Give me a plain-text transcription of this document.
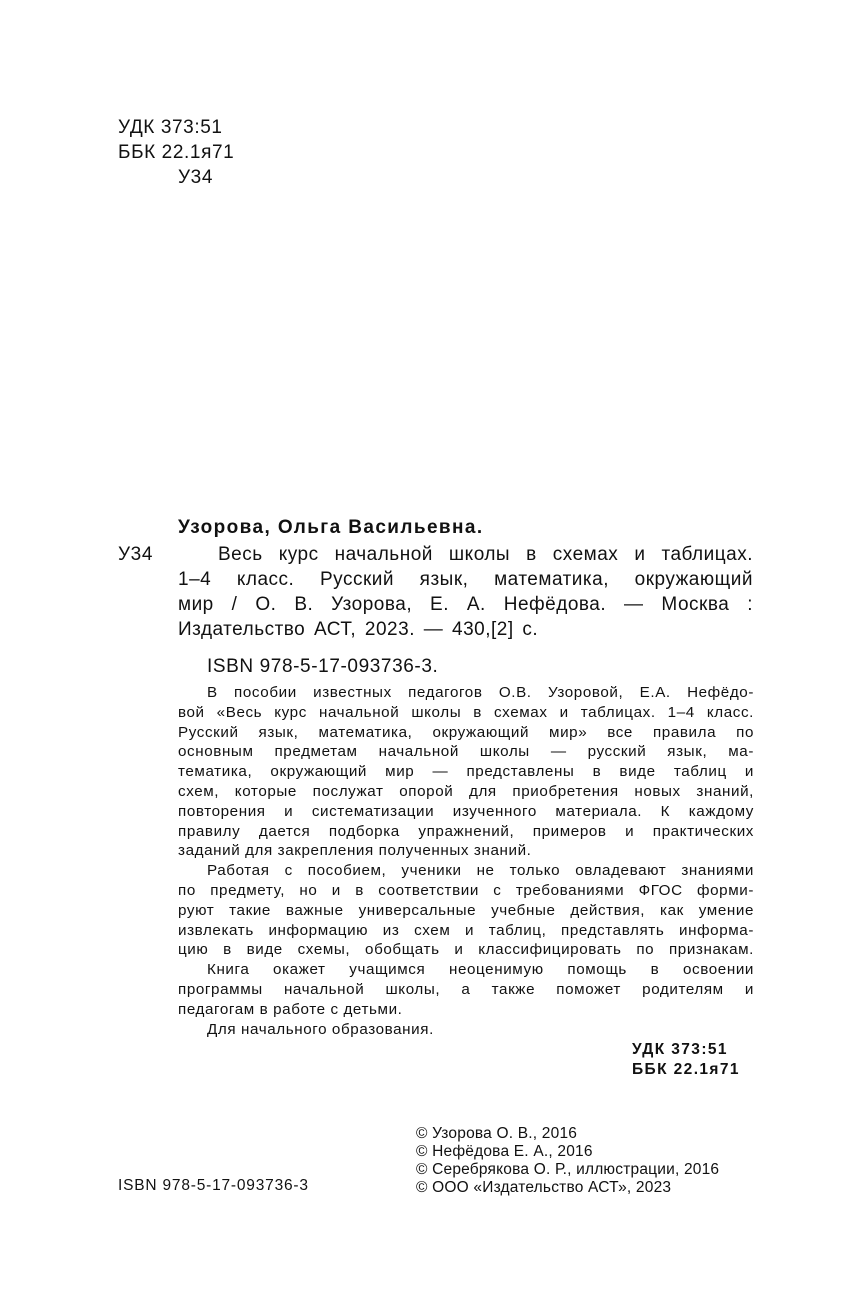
УДК 373:51
ББК 22.1я71
У34
Узорова, Ольга Васильевна.
У34	Весь курс начальной школы в схемах и таблицах.
1–4 класс. Русский язык, математика, окружающий
мир / О. В. Узорова, Е. А. Нефёдова. — Москва :
Издательство АСТ, 2023. — 430,[2] с.
ISBN 978-5-17-093736-3.
В пособии известных педагогов О.В. Узоровой, Е.А. Нефёдо-
вой «Весь курс начальной школы в схемах и таблицах. 1–4 класс.
Русский язык, математика, окружающий мир» все правила по
основным предметам начальной школы — русский язык, ма-
тематика, окружающий мир — представлены в виде таблиц и
схем, которые послужат опорой для приобретения новых знаний,
повторения и систематизации изученного материала. К каждому
правилу дается подборка упражнений, примеров и практических
заданий для закрепления полученных знаний.
Работая с пособием, ученики не только овладевают знаниями
по предмету, но и в соответствии с требованиями ФГОС форми-
руют такие важные универсальные учебные действия, как умение
извлекать информацию из схем и таблиц, представлять информа-
цию в виде схемы, обобщать и классифицировать по признакам.
Книга окажет учащимся неоценимую помощь в освоении
программы начальной школы, а также поможет родителям и
педагогам в работе с детьми.
Для начального образования.
УДК 373:51
ББК 22.1я71
© Узорова О. В., 2016
© Нефёдова Е. А., 2016
© Серебрякова О. Р., иллюстрации, 2016
© ООО «Издательство АСТ», 2023
ISBN 978-5-17-093736-3
